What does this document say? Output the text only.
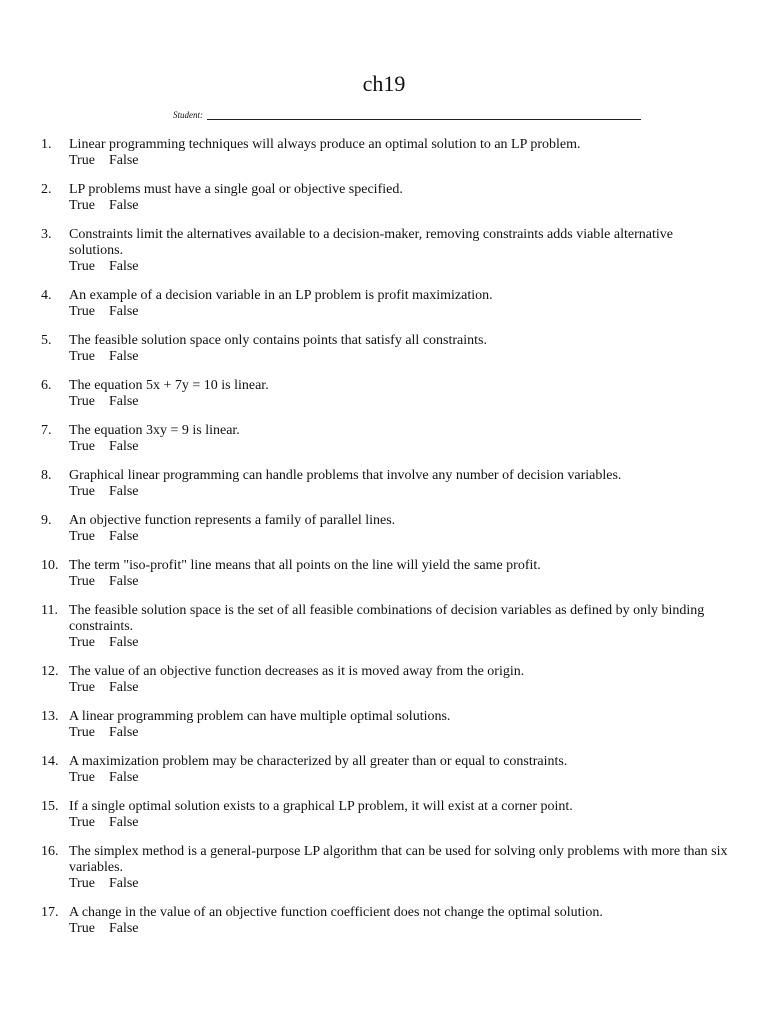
ch19
Student:
1. Linear programming techniques will always produce an optimal solution to an LP problem.
True False
2. LP problems must have a single goal or objective specified.
True False
3. Constraints limit the alternatives available to a decision-maker, removing constraints adds viable alternative solutions.
True False
4. An example of a decision variable in an LP problem is profit maximization.
True False
5. The feasible solution space only contains points that satisfy all constraints.
True False
6. The equation 5x + 7y = 10 is linear.
True False
7. The equation 3xy = 9 is linear.
True False
8. Graphical linear programming can handle problems that involve any number of decision variables.
True False
9. An objective function represents a family of parallel lines.
True False
10. The term "iso-profit" line means that all points on the line will yield the same profit.
True False
11. The feasible solution space is the set of all feasible combinations of decision variables as defined by only binding constraints.
True False
12. The value of an objective function decreases as it is moved away from the origin.
True False
13. A linear programming problem can have multiple optimal solutions.
True False
14. A maximization problem may be characterized by all greater than or equal to constraints.
True False
15. If a single optimal solution exists to a graphical LP problem, it will exist at a corner point.
True False
16. The simplex method is a general-purpose LP algorithm that can be used for solving only problems with more than six variables.
True False
17. A change in the value of an objective function coefficient does not change the optimal solution.
True False
